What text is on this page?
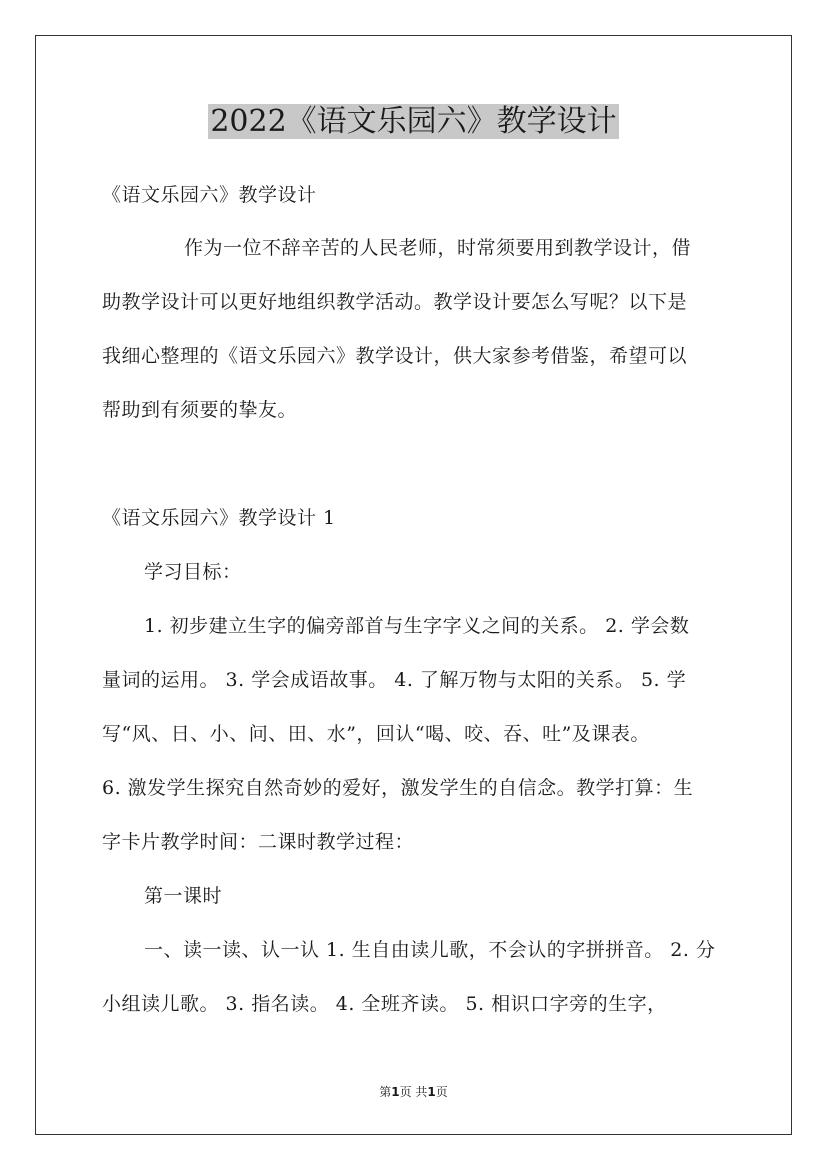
2022《语文乐园六》教学设计
《语文乐园六》教学设计
作为一位不辞辛苦的人民老师，时常须要用到教学设计，借
助教学设计可以更好地组织教学活动。教学设计要怎么写呢？以下是
我细心整理的《语文乐园六》教学设计，供大家参考借鉴，希望可以
帮助到有须要的挚友。
《语文乐园六》教学设计 1
学习目标：
1. 初步建立生字的偏旁部首与生字字义之间的关系。 2. 学会数
量词的运用。 3. 学会成语故事。 4. 了解万物与太阳的关系。 5. 学
写“风、日、小、问、田、水”，回认“喝、咬、吞、吐”及课表。
6. 激发学生探究自然奇妙的爱好，激发学生的自信念。教学打算：生
字卡片教学时间：二课时教学过程：
第一课时
一、读一读、认一认 1. 生自由读儿歌，不会认的字拼拼音。 2. 分
小组读儿歌。 3. 指名读。 4. 全班齐读。 5. 相识口字旁的生字，
第1页 共1页
